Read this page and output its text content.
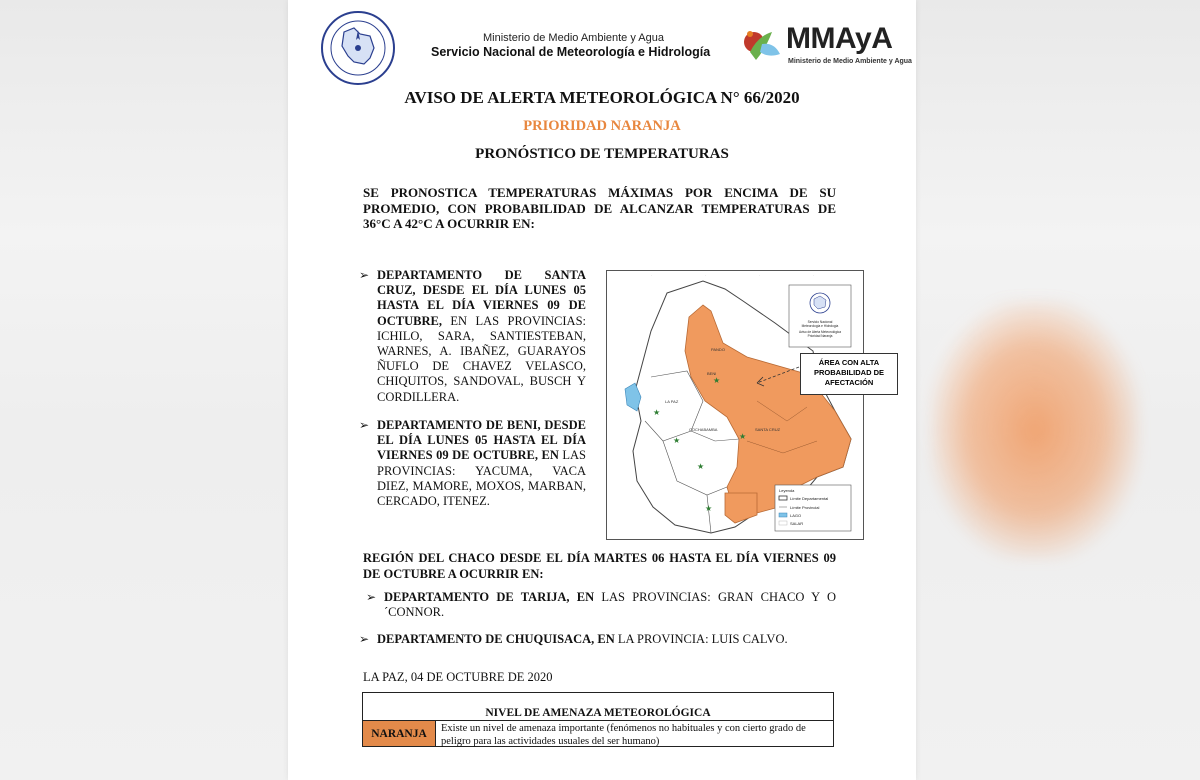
Ministerio de Medio Ambiente y Agua
Servicio Nacional de Meteorología e Hidrología	MMAyA
Ministerio de Medio Ambiente y Agua
AVISO DE ALERTA METEOROLÓGICA N° 66/2020
PRIORIDAD NARANJA
PRONÓSTICO DE TEMPERATURAS
SE PRONOSTICA TEMPERATURAS MÁXIMAS POR ENCIMA DE SU PROMEDIO, CON PROBABILIDAD DE ALCANZAR TEMPERATURAS DE 36°C A 42°C A OCURRIR EN:
➢ DEPARTAMENTO DE SANTA CRUZ, DESDE EL DÍA LUNES 05 HASTA EL DÍA VIERNES 09 DE OCTUBRE, EN LAS PROVINCIAS: ICHILO, SARA, SANTIESTEBAN, WARNES, A. IBAÑEZ, GUARAYOS ÑUFLO DE CHAVEZ VELASCO, CHIQUITOS, SANDOVAL, BUSCH Y CORDILLERA.
➢ DEPARTAMENTO DE BENI, DESDE EL DÍA LUNES 05 HASTA EL DÍA VIERNES 09 DE OCTUBRE, EN LAS PROVINCIAS: YACUMA, VACA DIEZ, MAMORE, MOXOS, MARBAN, CERCADO, ITENEZ.
★
★
★
★
★
★
PANDO
LA PAZ
COCHABAMBA	SANTA CRUZ
BENI
Servicio Nacional
Meteorología e Hidrología
Aviso de Alerta Meteorológica
Prioridad Naranja
Leyenda
Límite Departamental
Límite Provincial
LAGO
SALAR
·	·	·	·
ÁREA CON ALTA PROBABILIDAD DE AFECTACIÓN
REGIÓN DEL CHACO DESDE EL DÍA MARTES 06 HASTA EL DÍA VIERNES 09 DE OCTUBRE A OCURRIR EN:
➢ DEPARTAMENTO DE TARIJA, EN LAS PROVINCIAS: GRAN CHACO Y O´CONNOR.
➢ DEPARTAMENTO DE CHUQUISACA, EN LA PROVINCIA: LUIS CALVO.
LA PAZ, 04 DE OCTUBRE DE 2020
NIVEL DE AMENAZA METEOROLÓGICA
NARANJA	Existe un nivel de amenaza importante (fenómenos no habituales y con cierto grado de peligro para las actividades usuales del ser humano)
